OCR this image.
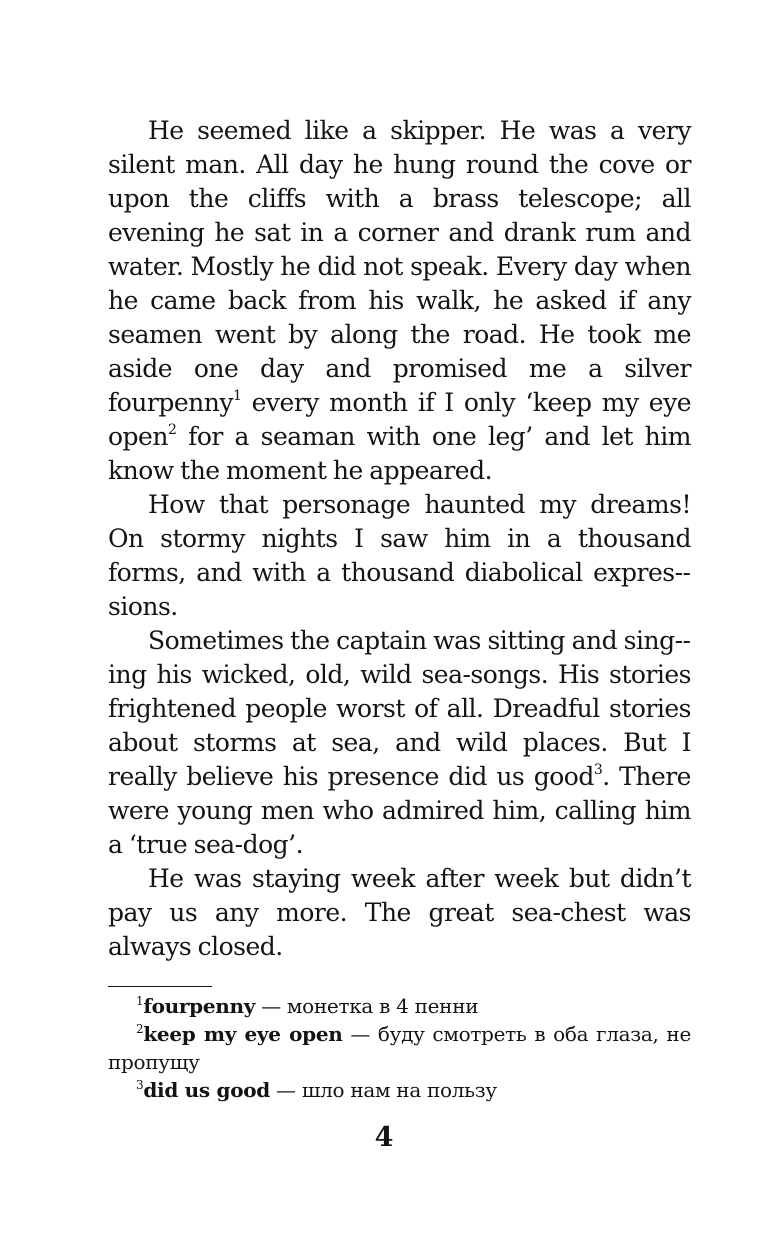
He seemed like a skipper. He was a very silent man. All day he hung round the cove or upon the cliffs with a brass telescope; all evening he sat in a corner and drank rum and water. Mostly he did not speak. Every day when he came back from his walk, he asked if any seamen went by along the road. He took me aside one day and promised me a silver fourpenny$^1$ every month if I only ‘keep my eye open$^2$ for a seaman with one leg’ and let him know the moment he appeared.

How that personage haunted my dreams! On stormy nights I saw him in a thousand forms, and with a thousand diabolical expres-sions.

Sometimes the captain was sitting and sing-ing his wicked, old, wild sea-songs. His stories frightened people worst of all. Dreadful stories about storms at sea, and wild places. But I really believe his presence did us good$^3$. There were young men who admired him, calling him a ‘true sea-dog’.

He was staying week after week but didn’t pay us any more. The great sea-chest was always closed.

$^1$fourpenny — монетка в 4 пенни

$^2$keep my eye open — буду смотреть в оба глаза, не пропущу

$^3$did us good — шло нам на пользу

4
